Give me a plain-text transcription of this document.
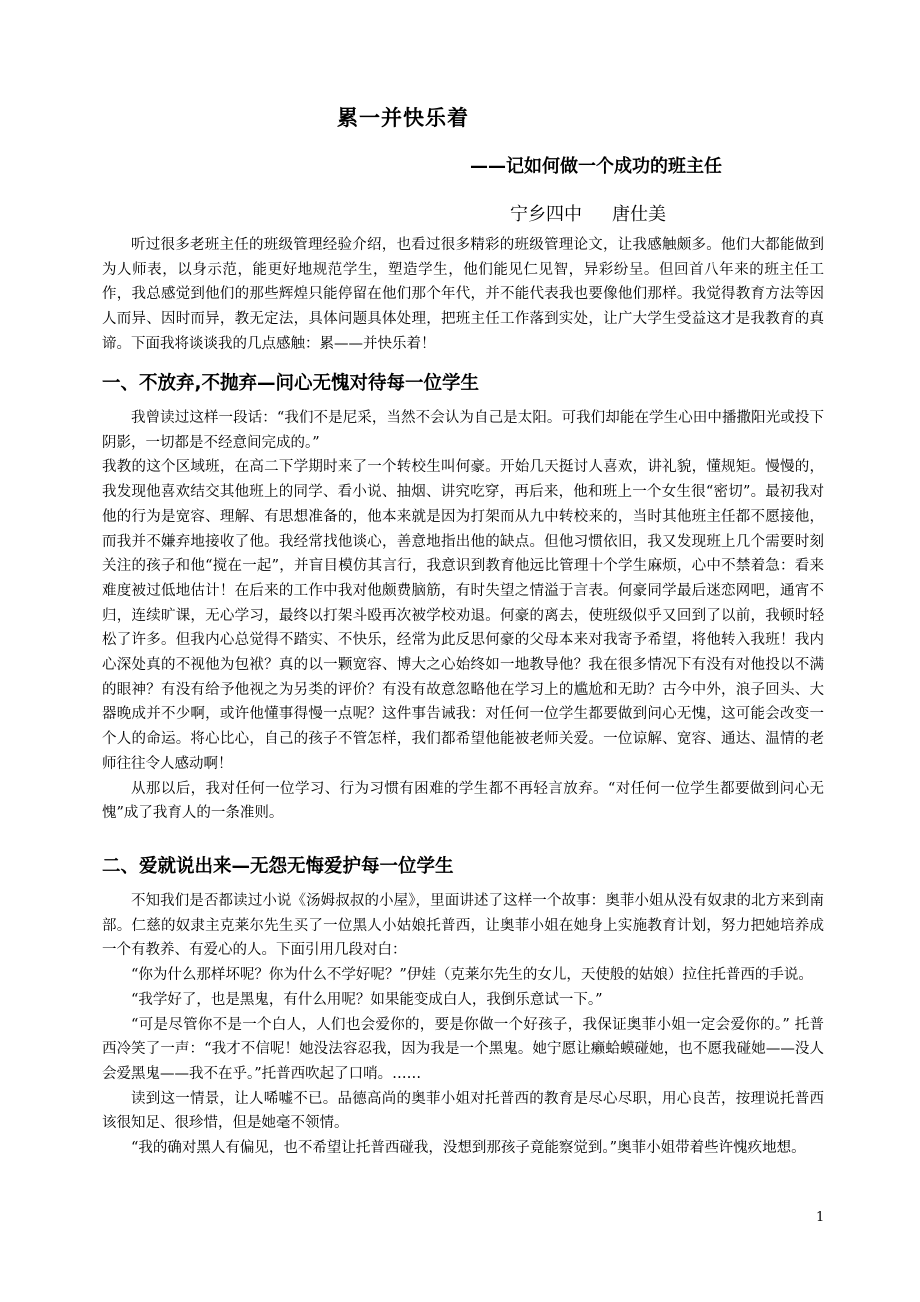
累一并快乐着
——记如何做一个成功的班主任
宁乡四中 唐仕美

听过很多老班主任的班级管理经验介绍，也看过很多精彩的班级管理论文，让我感触颇多。他们大都能做到为人师表，以身示范，能更好地规范学生，塑造学生，他们能见仁见智，异彩纷呈。但回首八年来的班主任工作，我总感觉到他们的那些辉煌只能停留在他们那个年代，并不能代表我也要像他们那样。我觉得教育方法等因人而异、因时而异，教无定法，具体问题具体处理，把班主任工作落到实处，让广大学生受益这才是我教育的真谛。下面我将谈谈我的几点感触：累——并快乐着！

一、不放弃,不抛弃—问心无愧对待每一位学生

我曾读过这样一段话：“我们不是尼采，当然不会认为自己是太阳。可我们却能在学生心田中播撒阳光或投下阴影，一切都是不经意间完成的。”

我教的这个区域班，在高二下学期时来了一个转校生叫何豪。开始几天挺讨人喜欢，讲礼貌，懂规矩。慢慢的，我发现他喜欢结交其他班上的同学、看小说、抽烟、讲究吃穿，再后来，他和班上一个女生很“密切”。最初我对他的行为是宽容、理解、有思想准备的，他本来就是因为打架而从九中转校来的，当时其他班主任都不愿接他，而我并不嫌弃地接收了他。我经常找他谈心，善意地指出他的缺点。但他习惯依旧，我又发现班上几个需要时刻关注的孩子和他“搅在一起”，并盲目模仿其言行，我意识到教育他远比管理十个学生麻烦，心中不禁着急：看来难度被过低地估计！在后来的工作中我对他颇费脑筋，有时失望之情溢于言表。何豪同学最后迷恋网吧，通宵不归，连续旷课，无心学习，最终以打架斗殴再次被学校劝退。何豪的离去，使班级似乎又回到了以前，我顿时轻松了许多。但我内心总觉得不踏实、不快乐，经常为此反思何豪的父母本来对我寄予希望，将他转入我班！我内心深处真的不视他为包袱？真的以一颗宽容、博大之心始终如一地教导他？我在很多情况下有没有对他投以不满的眼神？有没有给予他视之为另类的评价？有没有故意忽略他在学习上的尴尬和无助？古今中外，浪子回头、大器晚成并不少啊，或许他懂事得慢一点呢？这件事告诫我：对任何一位学生都要做到问心无愧，这可能会改变一个人的命运。将心比心，自己的孩子不管怎样，我们都希望他能被老师关爱。一位谅解、宽容、通达、温情的老师往往令人感动啊！

从那以后，我对任何一位学习、行为习惯有困难的学生都不再轻言放弃。“对任何一位学生都要做到问心无愧”成了我育人的一条准则。

二、爱就说出来—无怨无悔爱护每一位学生

不知我们是否都读过小说《汤姆叔叔的小屋》，里面讲述了这样一个故事：奥菲小姐从没有奴隶的北方来到南部。仁慈的奴隶主克莱尔先生买了一位黑人小姑娘托普西，让奥菲小姐在她身上实施教育计划，努力把她培养成一个有教养、有爱心的人。下面引用几段对白：

“你为什么那样坏呢？你为什么不学好呢？”伊娃（克莱尔先生的女儿，天使般的姑娘）拉住托普西的手说。

“我学好了，也是黑鬼，有什么用呢？如果能变成白人，我倒乐意试一下。”

“可是尽管你不是一个白人，人们也会爱你的，要是你做一个好孩子，我保证奥菲小姐一定会爱你的。” 托普西冷笑了一声：“我才不信呢！她没法容忍我，因为我是一个黑鬼。她宁愿让癞蛤蟆碰她，也不愿我碰她——没人会爱黑鬼——我不在乎。”托普西吹起了口哨。……

读到这一情景，让人唏嘘不已。品德高尚的奥菲小姐对托普西的教育是尽心尽职，用心良苦，按理说托普西该很知足、很珍惜，但是她毫不领情。

“我的确对黑人有偏见，也不希望让托普西碰我，没想到那孩子竟能察觉到。”奥菲小姐带着些许愧疚地想。

1
